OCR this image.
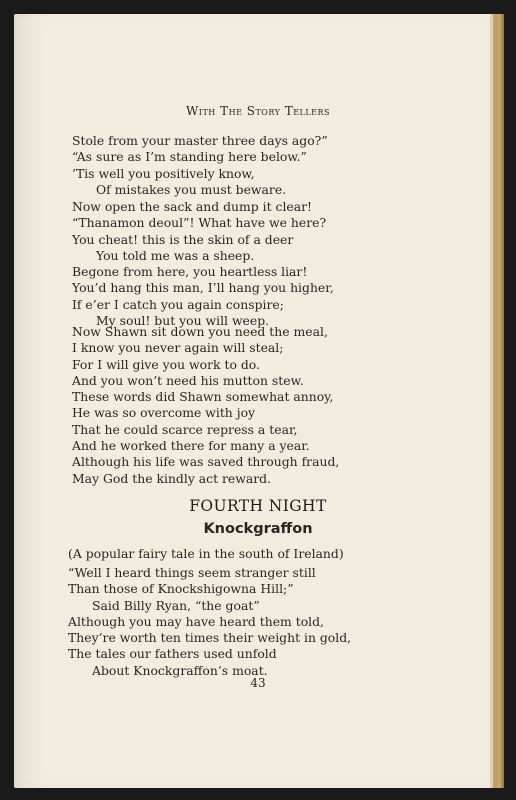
With The Story Tellers
Stole from your master three days ago?”
“As sure as I’m standing here below.”
’Tis well you positively know,
Of mistakes you must beware.
Now open the sack and dump it clear!
“Thanamon deoul”! What have we here?
You cheat! this is the skin of a deer
You told me was a sheep.
Begone from here, you heartless liar!
You’d hang this man, I’ll hang you higher,
If e’er I catch you again conspire;
My soul! but you will weep.
Now Shawn sit down you need the meal,
I know you never again will steal;
For I will give you work to do.
And you won’t need his mutton stew.
These words did Shawn somewhat annoy,
He was so overcome with joy
That he could scarce repress a tear,
And he worked there for many a year.
Although his life was saved through fraud,
May God the kindly act reward.
FOURTH NIGHT
Knockgraffon
(A popular fairy tale in the south of Ireland)
“Well I heard things seem stranger still
Than those of Knockshigowna Hill;”
Said Billy Ryan, “the goat”
Although you may have heard them told,
They’re worth ten times their weight in gold,
The tales our fathers used unfold
About Knockgraffon’s moat.
43
